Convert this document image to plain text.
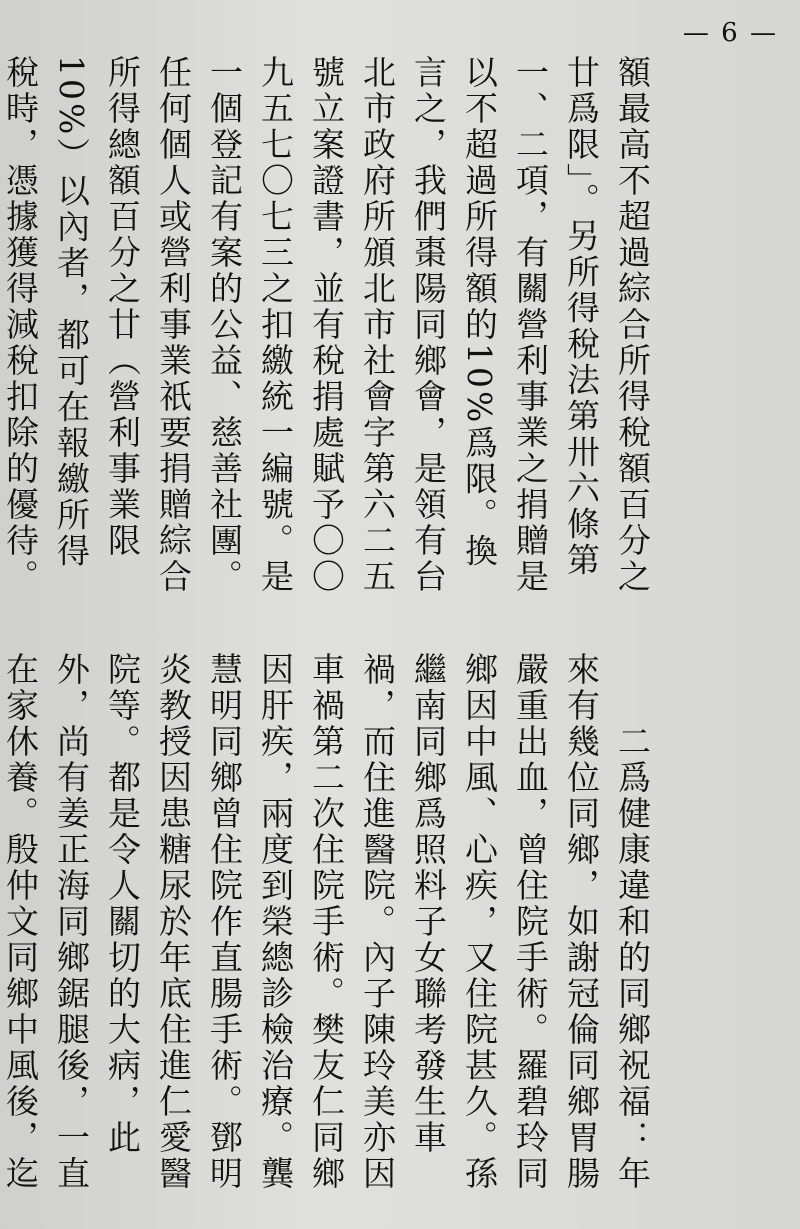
— 6 —

額最高不超過綜合所得稅額百分之廿爲限」。另所得稅法第卅六條第一、二項，有關營利事業之捐贈是以不超過所得額的10%爲限。換言之，我們棗陽同鄉會，是領有台北市政府所頒北市社會字第六二五號立案證書，並有稅捐處賦予〇〇九五七〇七三之扣繳統一編號。是一個登記有案的公益、慈善社團。任何個人或營利事業祇要捐贈綜合所得總額百分之廿（營利事業限10%）以內者，都可在報繳所得稅時，憑據獲得減稅扣除的優待。

　　二爲健康違和的同鄉祝福：年來有幾位同鄉，如謝冠倫同鄉胃腸嚴重出血，曾住院手術。羅碧玲同鄉因中風、心疾，又住院甚久。孫繼南同鄉爲照料子女聯考發生車禍，而住進醫院。內子陳玲美亦因車禍第二次住院手術。樊友仁同鄉因肝疾，兩度到榮總診檢治療。龔慧明同鄉曾住院作直腸手術。鄧明炎教授因患糖尿於年底住進仁愛醫院等。都是令人關切的大病，此外，尚有姜正海同鄉鋸腿後，一直在家休養。殷仲文同鄉中風後，迄
